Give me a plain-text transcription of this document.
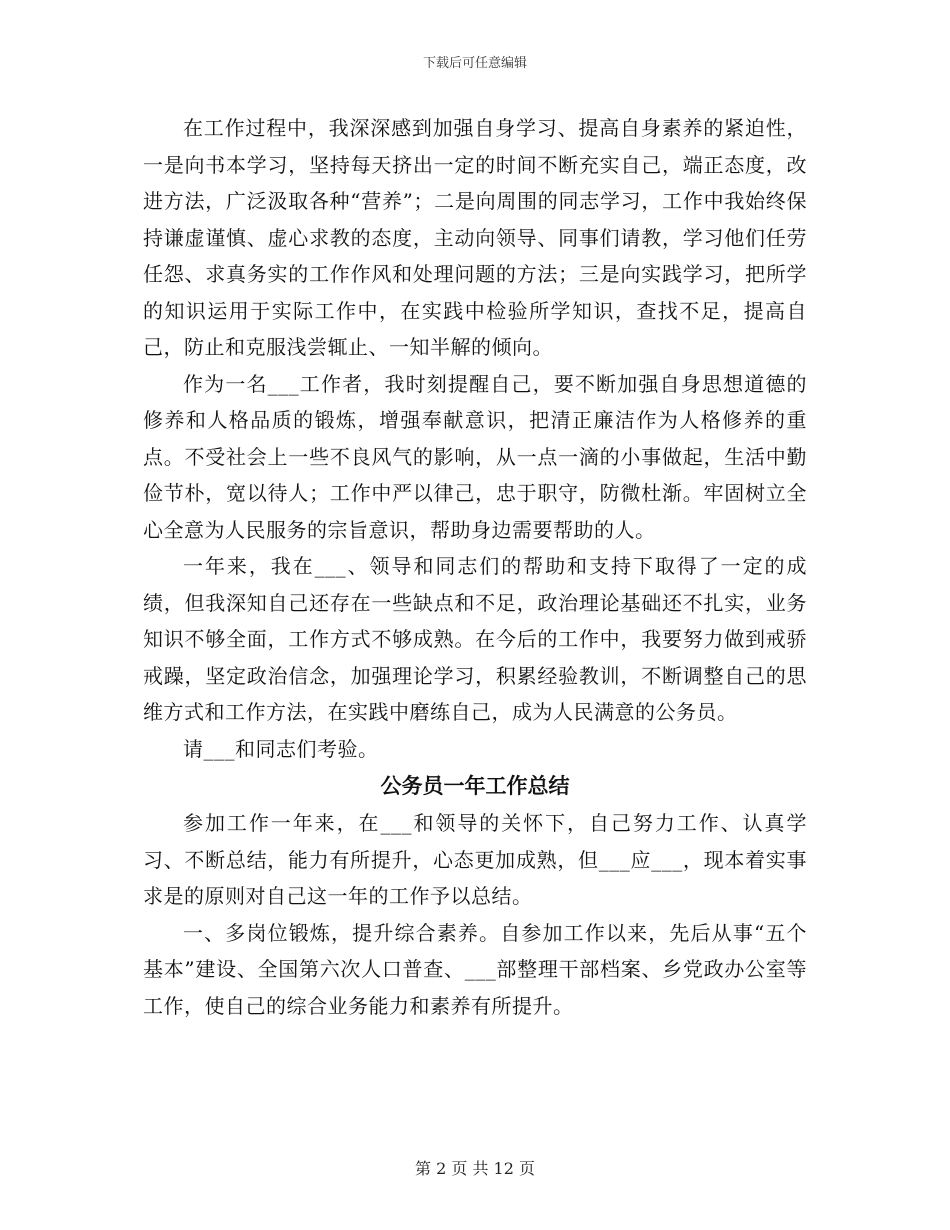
下载后可任意编辑

在工作过程中，我深深感到加强自身学习、提高自身素养的紧迫性，一是向书本学习，坚持每天挤出一定的时间不断充实自己，端正态度，改进方法，广泛汲取各种“营养”；二是向周围的同志学习，工作中我始终保持谦虚谨慎、虚心求教的态度，主动向领导、同事们请教，学习他们任劳任怨、求真务实的工作作风和处理问题的方法；三是向实践学习，把所学的知识运用于实际工作中，在实践中检验所学知识，查找不足，提高自己，防止和克服浅尝辄止、一知半解的倾向。

作为一名___工作者，我时刻提醒自己，要不断加强自身思想道德的修养和人格品质的锻炼，增强奉献意识，把清正廉洁作为人格修养的重点。不受社会上一些不良风气的影响，从一点一滴的小事做起，生活中勤俭节朴，宽以待人；工作中严以律己，忠于职守，防微杜渐。牢固树立全心全意为人民服务的宗旨意识，帮助身边需要帮助的人。

一年来，我在___、领导和同志们的帮助和支持下取得了一定的成绩，但我深知自己还存在一些缺点和不足，政治理论基础还不扎实，业务知识不够全面，工作方式不够成熟。在今后的工作中，我要努力做到戒骄戒躁，坚定政治信念，加强理论学习，积累经验教训，不断调整自己的思维方式和工作方法，在实践中磨练自己，成为人民满意的公务员。

请___和同志们考验。

公务员一年工作总结

参加工作一年来，在___和领导的关怀下，自己努力工作、认真学习、不断总结，能力有所提升，心态更加成熟，但___应___，现本着实事求是的原则对自己这一年的工作予以总结。

一、多岗位锻炼，提升综合素养。自参加工作以来，先后从事“五个基本”建设、全国第六次人口普查、___部整理干部档案、乡党政办公室等工作，使自己的综合业务能力和素养有所提升。

第 2 页 共 12 页
